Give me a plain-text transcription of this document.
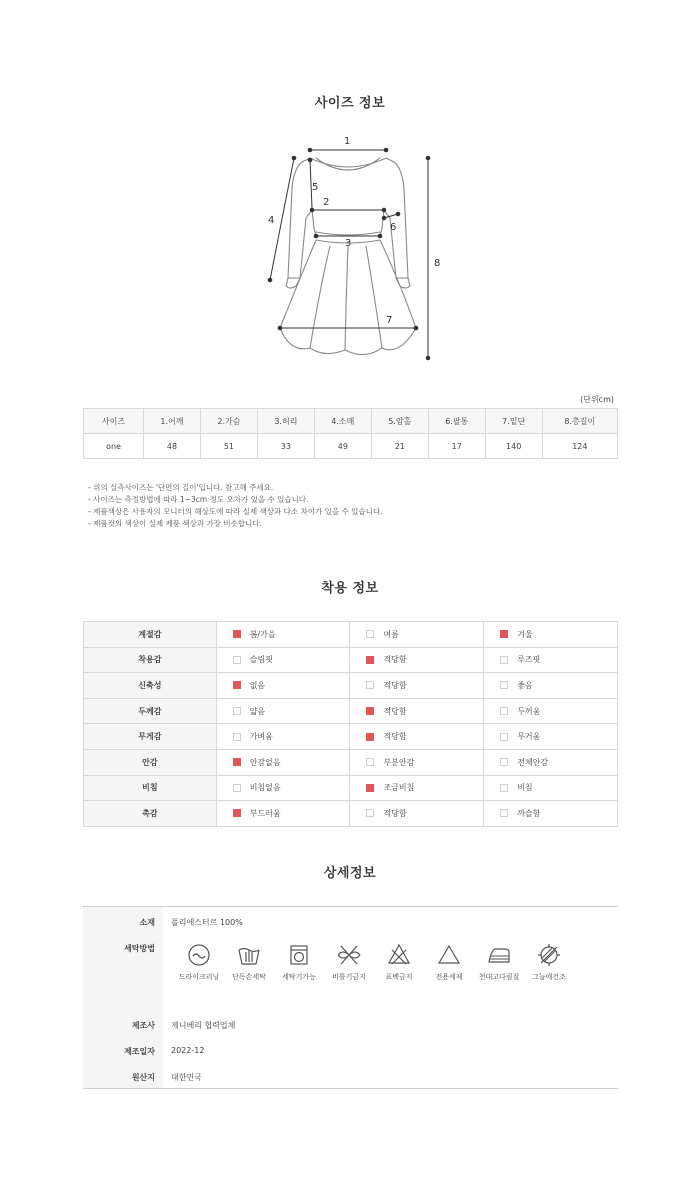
사이즈 정보
1
2
3
4
5
6
7
8
(단위cm)
사이즈	1.어깨	2.가슴	3.허리	4.소매	5.암홀	6.팔통	7.밑단	8.총길이
one	48	51	33	49	21	17	140	124
- 위의 실측사이즈는 '단면의 길이'입니다. 참고해 주세요.
- 사이즈는 측정방법에 따라 1~3cm 정도 오차가 있을 수 있습니다.
- 제품색상은 사용자의 모니터의 해상도에 따라 실제 색상과 다소 차이가 있을 수 있습니다.
- 제품컷의 색상이 실제 제품 색상과 가장 비슷합니다.
착용 정보
계절감	봄/가을	여름	겨울
착용감	슬림핏	적당함	루즈핏
신축성	없음	적당함	좋음
두께감	얇음	적당함	두꺼움
무게감	가벼움	적당함	무거움
안감	안감없음	부분안감	전체안감
비침	비침없음	조금비침	비침
촉감	부드러움	적당함	까슬함
상세정보
소재 폴리에스터르 100%
세탁방법
드라이크리닝	단독손세탁	세탁기가능	비틀기금지	표백금지	전용세제	천대고다림질	그늘에건조
제조사 제니베리 협력업체
제조일자 2022-12
원산지 대한민국
